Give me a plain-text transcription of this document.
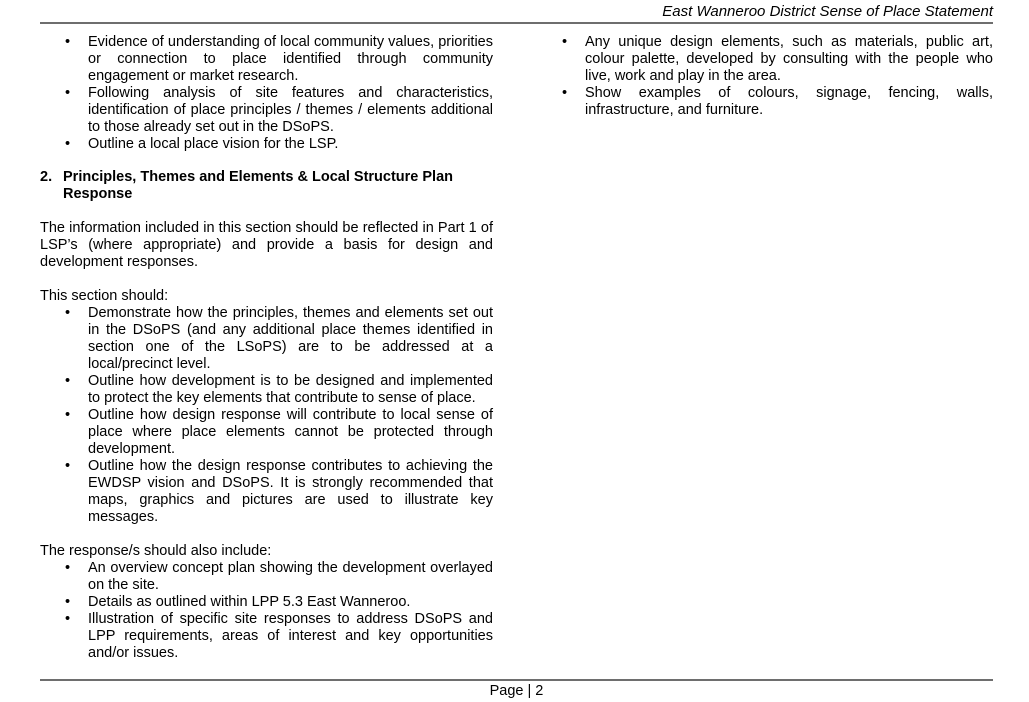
East Wanneroo District Sense of Place Statement
•	Evidence of understanding of local community values, priorities or connection to place identified through community engagement or market research.
•	Following analysis of site features and characteristics, identification of place principles / themes / elements additional to those already set out in the DSoPS.
•	Outline a local place vision for the LSP.
2. Principles, Themes and Elements & Local Structure Plan Response
The information included in this section should be reflected in Part 1 of LSP’s (where appropriate) and provide a basis for design and development responses.
This section should:
•	Demonstrate how the principles, themes and elements set out in the DSoPS (and any additional place themes identified in section one of the LSoPS) are to be addressed at a local/precinct level.
•	Outline how development is to be designed and implemented to protect the key elements that contribute to sense of place.
•	Outline how design response will contribute to local sense of place where place elements cannot be protected through development.
•	Outline how the design response contributes to achieving the EWDSP vision and DSoPS. It is strongly recommended that maps, graphics and pictures are used to illustrate key messages.
The response/s should also include:
•	An overview concept plan showing the development overlayed on the site.
•	Details as outlined within LPP 5.3 East Wanneroo.
•	Illustration of specific site responses to address DSoPS and LPP requirements, areas of interest and key opportunities and/or issues.
•	Any unique design elements, such as materials, public art, colour palette, developed by consulting with the people who live, work and play in the area.
•	Show examples of colours, signage, fencing, walls, infrastructure, and furniture.
Page | 2
